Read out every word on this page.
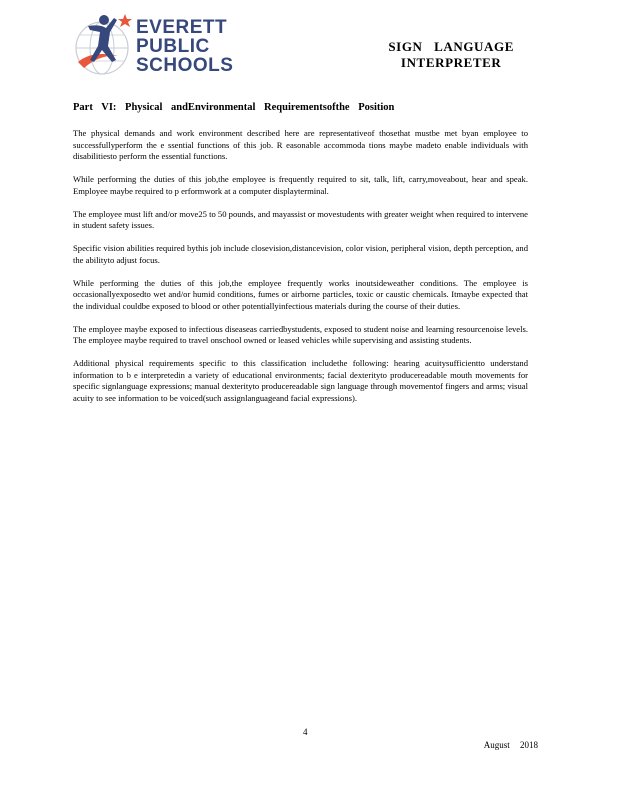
EVERETT
PUBLIC
SCHOOLS
SIGN   LANGUAGE
INTERPRETER
Part VI: Physical andEnvironmental Requirementsofthe Position

The physical demands and work environment described here are representativeof thosethat mustbe met byan employee to successfullyperform the e ssential functions of this job. R easonable accommoda tions maybe madeto enable individuals with disabilitiesto perform the essential functions.

While performing the duties of this job,the employee is frequently required to sit, talk, lift, carry,moveabout, hear and speak. Employee maybe required to p erformwork at a computer displayterminal.

The employee must lift and/or move25 to 50 pounds, and mayassist or movestudents with greater weight when required to intervene in student safety issues.

Specific vision abilities required bythis job include closevision,distancevision, color vision, peripheral vision, depth perception, and the abilityto adjust focus.

While performing the duties of this job,the employee frequently works inoutsideweather conditions. The employee is occasionallyexposedto wet and/or humid conditions, fumes or airborne particles, toxic or caustic chemicals. Itmaybe expected that the individual couldbe exposed to blood or other potentiallyinfectious materials during the course of their duties.

The employee maybe exposed to infectious diseaseas carriedbystudents, exposed to student noise and learning resourcenoise levels. The employee maybe required to travel onschool owned or leased vehicles while supervising and assisting students.

Additional physical requirements specific to this classification includethe following: hearing acuitysufficientto understand information to b e interpretedin a variety of educational environments; facial dexterityto producereadable mouth movements for specific signlanguage expressions; manual dexterityto producereadable sign language through movementof fingers and arms; visual acuity to see information to be voiced(such assignlanguageand facial expressions).

4
August 2018
